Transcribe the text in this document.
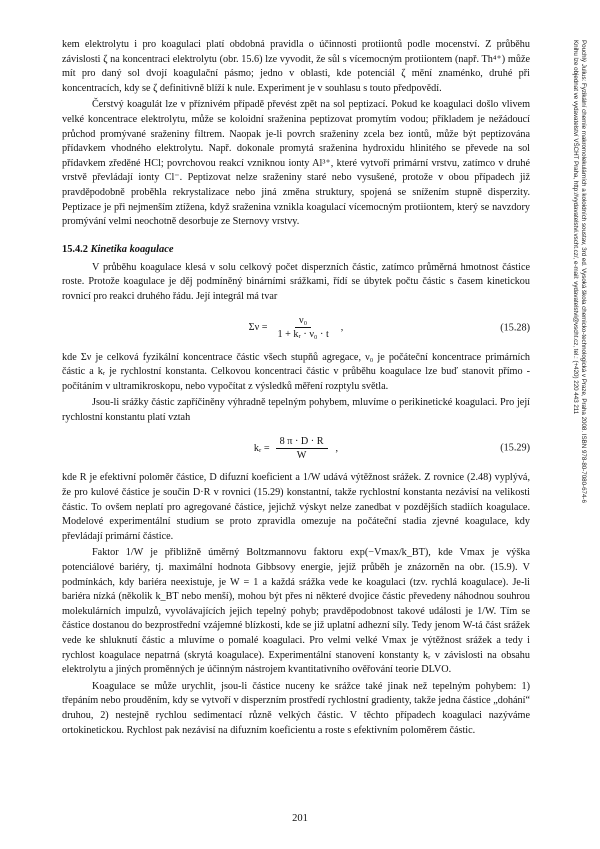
kem elektrolytu i pro koagulaci platí obdobná pravidla o účinnosti protiiontů podle mocenství. Z průběhu závislosti ζ na koncentraci elektrolytu (obr. 15.6) lze vyvodit, že sůl s vícemocným protiiontem (např. Th⁴⁺) může mít pro daný sol dvojí koagulační pásmo; jedno v oblasti, kde potenciál ζ mění znaménko, druhé při koncentracích, kdy se ζ definitivně blíží k nule. Experiment je v souhlasu s touto předpovědí.

Čerstvý koagulát lze v příznivém případě převést zpět na sol peptizací. Pokud ke koagulaci došlo vlivem velké koncentrace elektrolytu, může se koloidní sraženina peptizovat promytím vodou; příkladem je nežádoucí průchod promývané sraženiny filtrem. Naopak je-li povrch sraženiny zcela bez iontů, může být peptizována přídavkem vhodného elektrolytu. Např. dokonale promytá sraženina hydroxidu hlinitého se převede na sol přídavkem zředěné HCl; povrchovou reakcí vzniknou ionty Al³⁺, které vytvoří primární vrstvu, zatímco v druhé vrstvě převládají ionty Cl⁻. Peptizovat nelze sraženiny staré nebo vysušené, protože v obou případech již pravděpodobně proběhla rekrystalizace nebo jiná změna struktury, spojená se snížením stupně disperzity. Peptizace je při nejmenším ztížena, když sraženina vznikla koagulací vícemocným protiiontem, který se navzdory promývání velmi neochotně desorbuje ze Sternovy vrstvy.

15.4.2 Kinetika koagulace

V průběhu koagulace klesá v solu celkový počet disperzních částic, zatímco průměrná hmotnost částice roste. Protože koagulace je děj podmíněný binárními srážkami, řídí se úbytek počtu částic s časem kinetickou rovnicí pro reakci druhého řádu. Její integrál má tvar

$\Sigma\nu = \frac{\text{ν₀}}{\text{1 + kᵣ · ν₀ · t}}$ ,	(15.28)

kde Σν je celková fyzikální koncentrace částic všech stupňů agregace, ν₀ je počáteční koncentrace primárních částic a kᵣ je rychlostní konstanta. Celkovou koncentraci částic v průběhu koagulace lze buď stanovit přímo - počítáním v ultramikroskopu, nebo vypočítat z výsledků měření rozptylu světla.

Jsou-li srážky částic zapříčiněny výhradně tepelným pohybem, mluvíme o perikinetické koagulaci. Pro její rychlostní konstantu platí vztah

kᵣ = $\frac{8 \pi \cdot D \cdot R}{W}$ ,	(15.29)

kde R je efektivní poloměr částice, D difuzní koeficient a 1/W udává výtěžnost srážek. Z rovnice (2.48) vyplývá, že pro kulové částice je součin D·R v rovnici (15.29) konstantní, takže rychlostní konstanta nezávisí na velikosti částic. To ovšem neplatí pro agregované částice, jejichž výskyt nelze zanedbat v pozdějších stadiích koagulace. Modelové experimentální studium se proto zpravidla omezuje na počáteční stadia zjevné koagulace, kdy převládají primární částice.

Faktor 1/W je přibližně úměrný Boltzmannovu faktoru exp(−Vmax/k_BT), kde Vmax je výška potenciálové bariéry, tj. maximální hodnota Gibbsovy energie, jejíž průběh je znázorněn na obr. (15.9). V podmínkách, kdy bariéra neexistuje, je W = 1 a každá srážka vede ke koagulaci (tzv. rychlá koagulace). Je-li bariéra nízká (několik k_BT nebo menší), mohou být přes ni některé dvojice částic převedeny náhodnou souhrou molekulárních impulzů, vyvolávajících jejich tepelný pohyb; pravděpodobnost takové události je 1/W. Tím se částice dostanou do bezprostřední vzájemné blízkosti, kde se již uplatní adhezní síly. Tedy jenom W-tá část srážek vede ke shluknutí částic a mluvíme o pomalé koagulaci. Pro velmi velké Vmax je výtěžnost srážek a tedy i rychlost koagulace nepatrná (skrytá koagulace). Experimentální stanovení konstanty kᵣ v závislosti na obsahu elektrolytu a jiných proměnných je účinným nástrojem kvantitativního ověřování teorie DLVO.

Koagulace se může urychlit, jsou-li částice nuceny ke srážce také jinak než tepelným pohybem: 1) třepáním nebo prouděním, kdy se vytvoří v disperzním prostředí rychlostní gradienty, takže jedna částice „dohání“ druhou, 2) nestejně rychlou sedimentací různě velkých částic. V těchto případech koagulaci nazýváme ortokinetickou. Rychlost pak nezávisí na difuzním koeficientu a roste s efektivním poloměrem částic.

201
Pouchlý Julius: Fyzikální chemie makromolekulárních a koloidních soustav, 3rd ed. Vysoká škola chemicko-technologická v Praze, Praha 2008. ISBN 978-80-7080-674-6
Knihu lze objednat ve vydavatelství VŠCHT Praha, http://vydavatelstvi.vscht.cz/, e-mail: vydavatelstvi@vscht.cz, tel.: (+420) 220 443 211
